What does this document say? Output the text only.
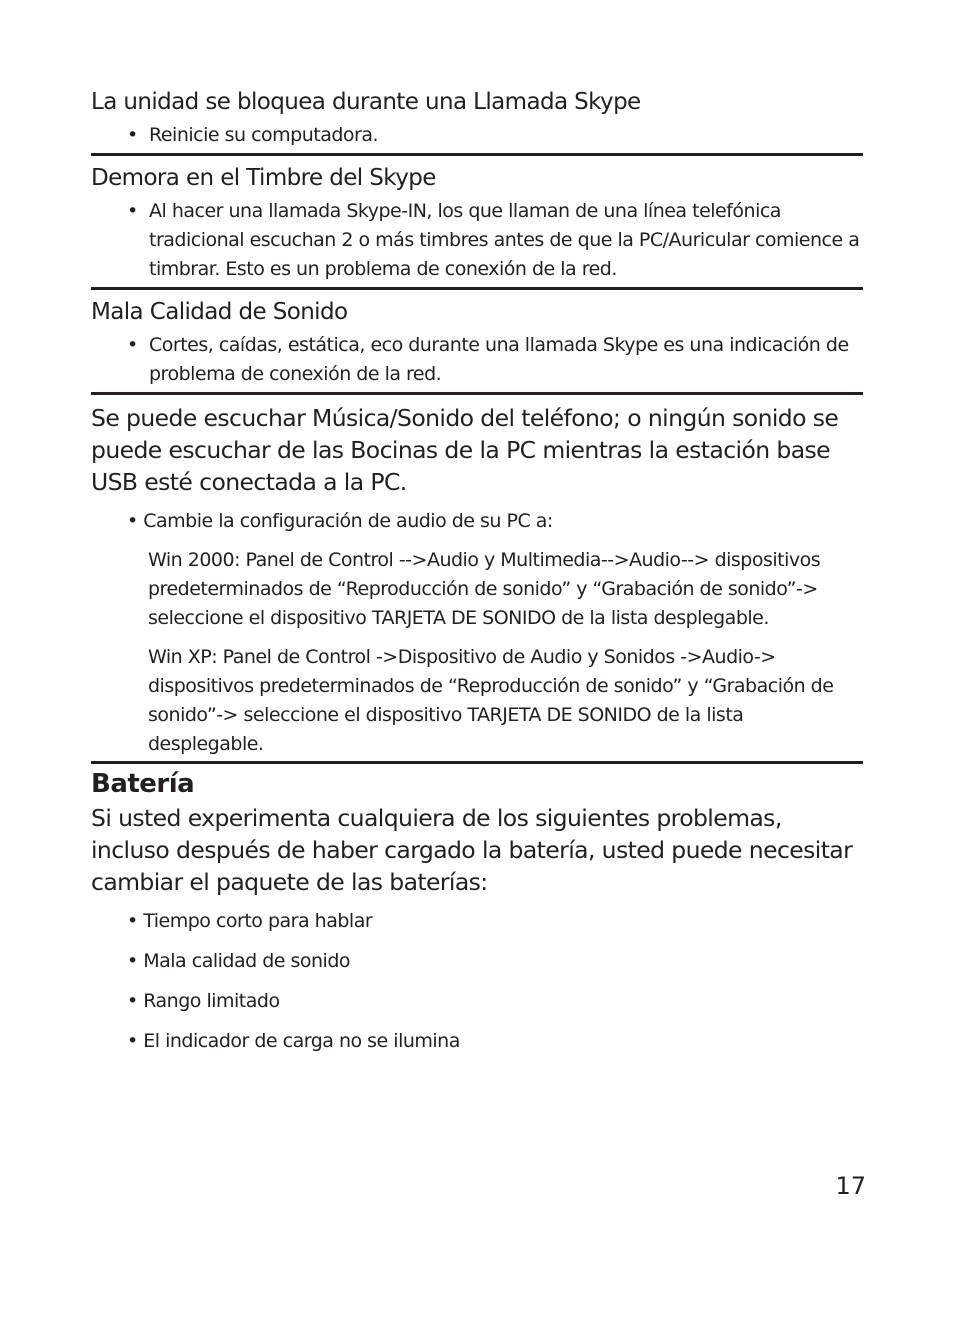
La unidad se bloquea durante una Llamada Skype

• Reinicie su computadora.

Demora en el Timbre del Skype

• Al hacer una llamada Skype-IN, los que llaman de una línea telefónica tradicional escuchan 2 o más timbres antes de que la PC/Auricular comience a timbrar. Esto es un problema de conexión de la red.

Mala Calidad de Sonido

• Cortes, caídas, estática, eco durante una llamada Skype es una indicación de problema de conexión de la red.

Se puede escuchar Música/Sonido del teléfono; o ningún sonido se puede escuchar de las Bocinas de la PC mientras la estación base USB esté conectada a la PC.

• Cambie la configuración de audio de su PC a:
Win 2000: Panel de Control -->Audio y Multimedia-->Audio--> dispositivos predeterminados de “Reproducción de sonido” y “Grabación de sonido”-> seleccione el dispositivo TARJETA DE SONIDO de la lista desplegable.
Win XP: Panel de Control ->Dispositivo de Audio y Sonidos ->Audio-> dispositivos predeterminados de “Reproducción de sonido” y “Grabación de sonido”-> seleccione el dispositivo TARJETA DE SONIDO de la lista desplegable.

Batería

Si usted experimenta cualquiera de los siguientes problemas, incluso después de haber cargado la batería, usted puede necesitar cambiar el paquete de las baterías:

• Tiempo corto para hablar
• Mala calidad de sonido
• Rango limitado
• El indicador de carga no se ilumina
17
